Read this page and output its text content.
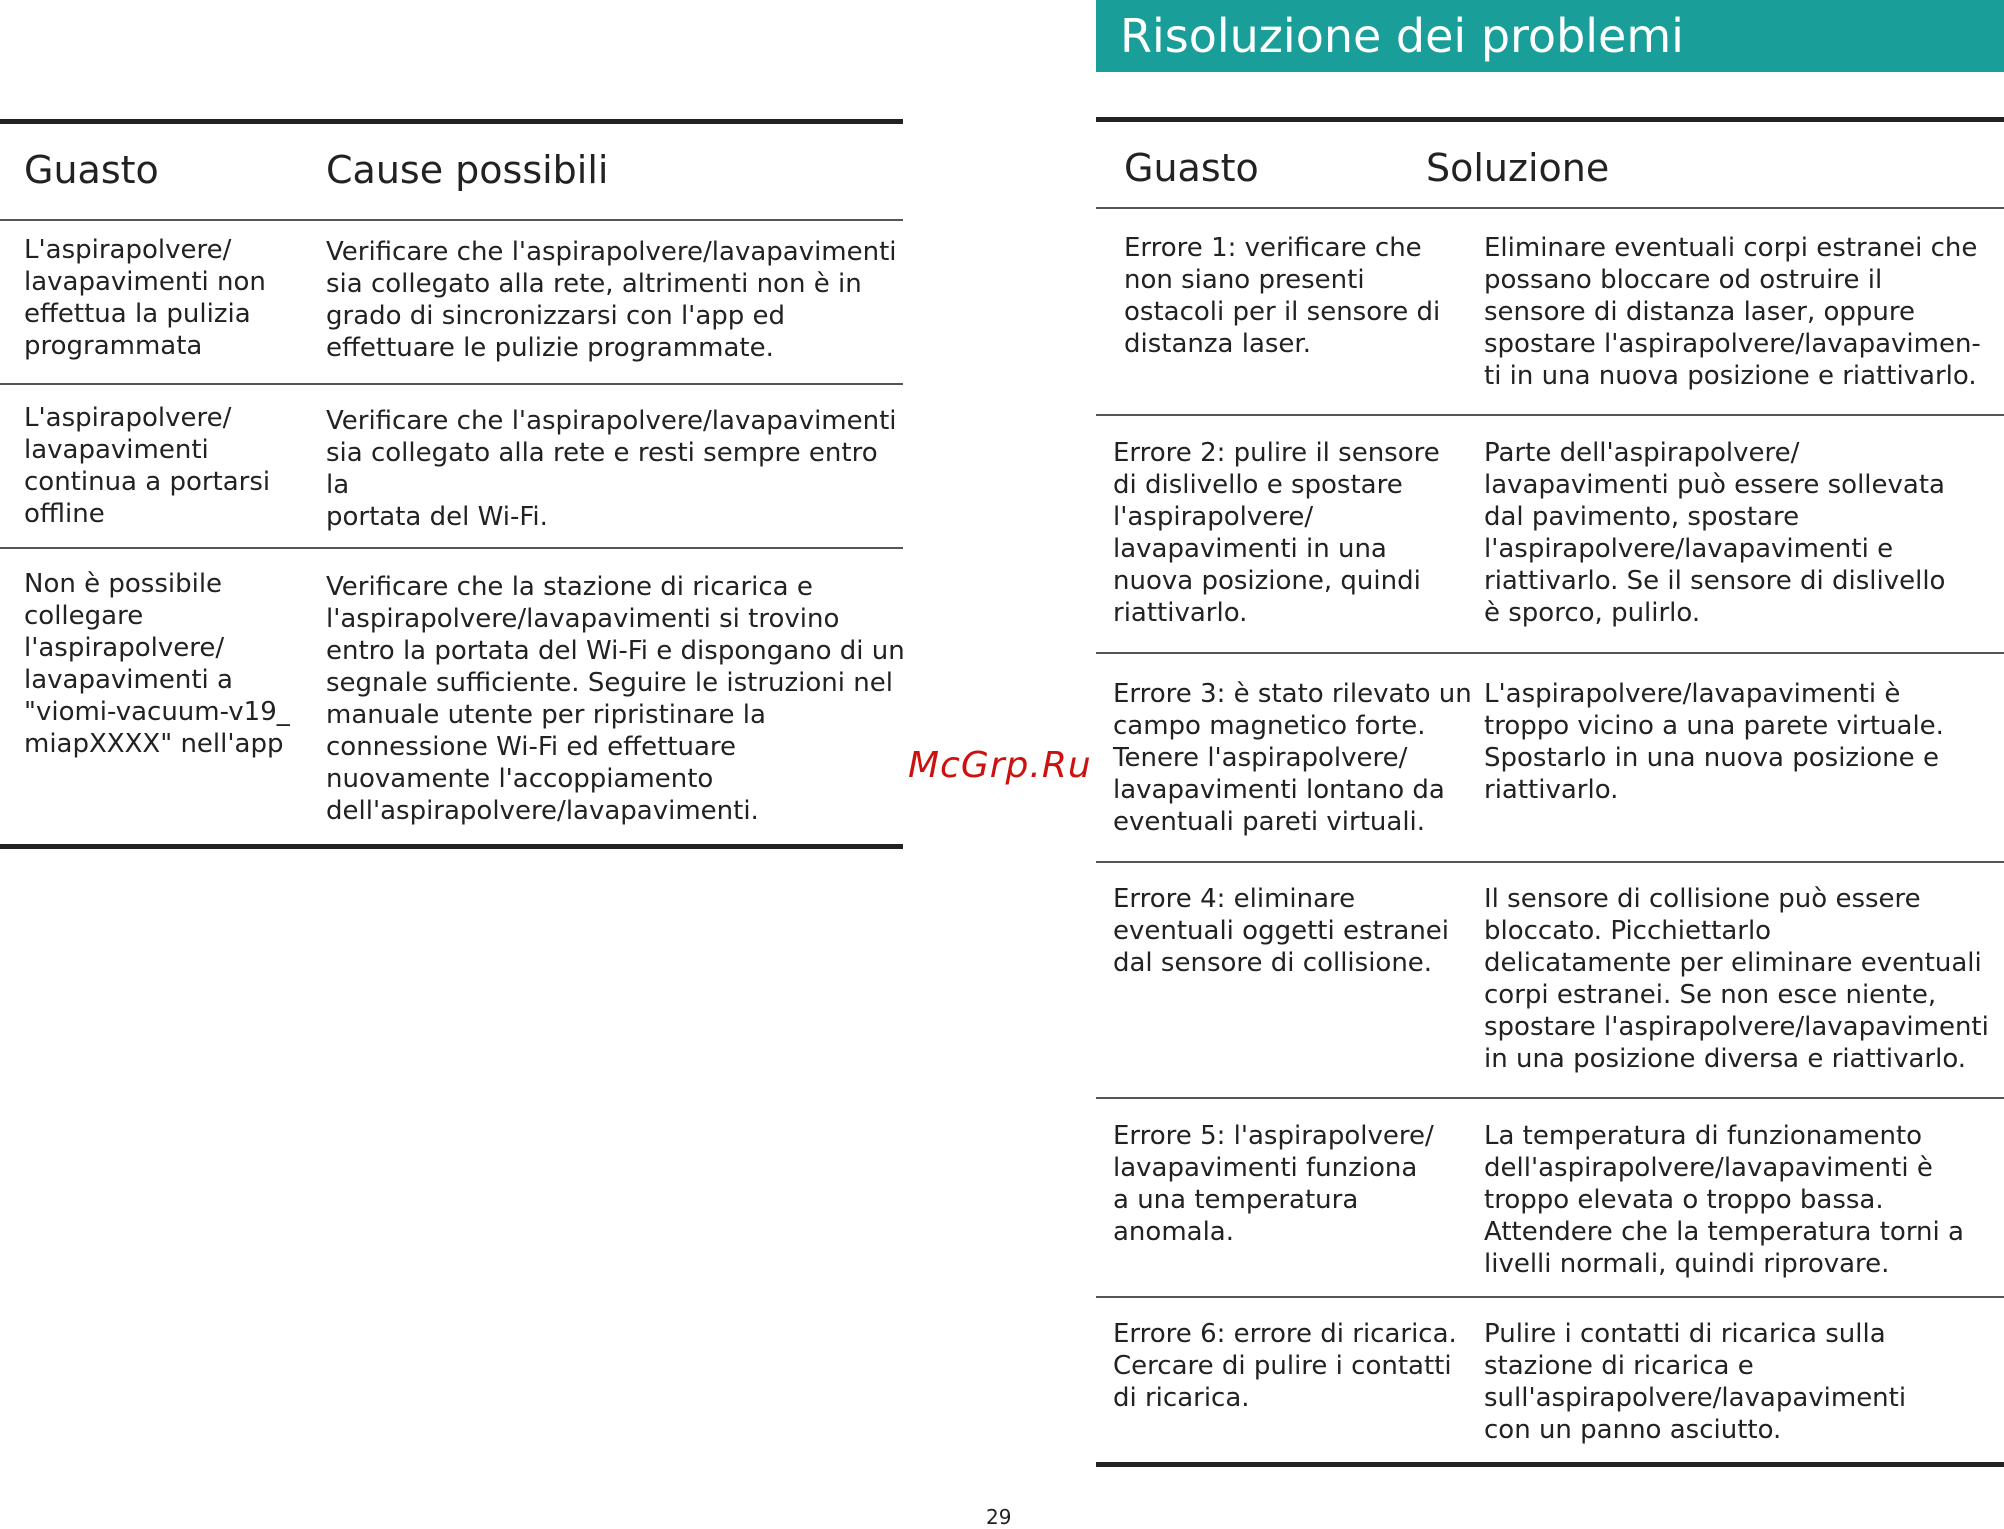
Risoluzione dei problemi
Guasto	Cause possibili
L'aspirapolvere/
lavapavimenti non
effettua la pulizia
programmata
Verificare che l'aspirapolvere/lavapavimenti
sia collegato alla rete, altrimenti non è in
grado di sincronizzarsi con l'app ed
effettuare le pulizie programmate.
L'aspirapolvere/
lavapavimenti
continua a portarsi
offline
Verificare che l'aspirapolvere/lavapavimenti
sia collegato alla rete e resti sempre entro la
portata del Wi-Fi.
Non è possibile
collegare
l'aspirapolvere/
lavapavimenti a
"viomi-vacuum-v19_
miapXXXX" nell'app
Verificare che la stazione di ricarica e
l'aspirapolvere/lavapavimenti si trovino
entro la portata del Wi-Fi e dispongano di un
segnale sufficiente. Seguire le istruzioni nel
manuale utente per ripristinare la
connessione Wi-Fi ed effettuare
nuovamente l'accoppiamento
dell'aspirapolvere/lavapavimenti.
Guasto	Soluzione
Errore 1: verificare che
non siano presenti
ostacoli per il sensore di
distanza laser.
Eliminare eventuali corpi estranei che
possano bloccare od ostruire il
sensore di distanza laser, oppure
spostare l'aspirapolvere/lavapavimen-
ti in una nuova posizione e riattivarlo.
Errore 2: pulire il sensore
di dislivello e spostare
l'aspirapolvere/
lavapavimenti in una
nuova posizione, quindi
riattivarlo.
Parte dell'aspirapolvere/
lavapavimenti può essere sollevata
dal pavimento, spostare
l'aspirapolvere/lavapavimenti e
riattivarlo. Se il sensore di dislivello
è sporco, pulirlo.
Errore 3: è stato rilevato un
campo magnetico forte.
Tenere l'aspirapolvere/
lavapavimenti lontano da
eventuali pareti virtuali.
L'aspirapolvere/lavapavimenti è
troppo vicino a una parete virtuale.
Spostarlo in una nuova posizione e
riattivarlo.
Errore 4: eliminare
eventuali oggetti estranei
dal sensore di collisione.
Il sensore di collisione può essere
bloccato. Picchiettarlo
delicatamente per eliminare eventuali
corpi estranei. Se non esce niente,
spostare l'aspirapolvere/lavapavimenti
in una posizione diversa e riattivarlo.
Errore 5: l'aspirapolvere/
lavapavimenti funziona
a una temperatura
anomala.
La temperatura di funzionamento
dell'aspirapolvere/lavapavimenti è
troppo elevata o troppo bassa.
Attendere che la temperatura torni a
livelli normali, quindi riprovare.
Errore 6: errore di ricarica.
Cercare di pulire i contatti
di ricarica.
Pulire i contatti di ricarica sulla
stazione di ricarica e
sull'aspirapolvere/lavapavimenti
con un panno asciutto.
McGrp.Ru
29
